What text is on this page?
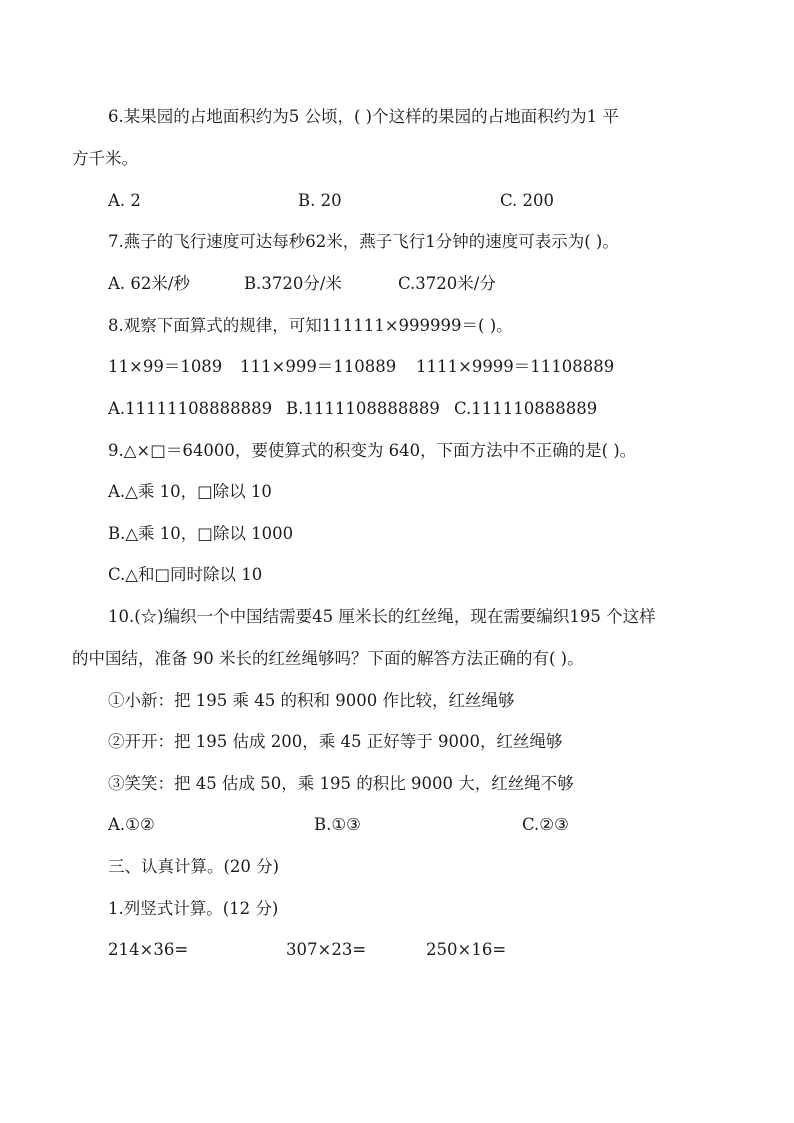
6.某果园的占地面积约为5 公顷，( )个这样的果园的占地面积约为1 平
方千米。
A. 2	B. 20	C. 200
7.燕子的飞行速度可达每秒62米，燕子飞行1分钟的速度可表示为( )。
A. 62米/秒	B.3720分/米	C.3720米/分
8.观察下面算式的规律，可知111111×999999＝( )。
11×99＝1089 111×999＝110889 1111×9999＝11108889
A.11111108888889 B.1111108888889 C.111110888889
9.△×□＝64000，要使算式的积变为 640，下面方法中不正确的是( )。
A.△乘 10，□除以 10
B.△乘 10，□除以 1000
C.△和□同时除以 10
10.(☆)编织一个中国结需要45 厘米长的红丝绳，现在需要编织195 个这样
的中国结，准备 90 米长的红丝绳够吗？下面的解答方法正确的有( )。
①小新：把 195 乘 45 的积和 9000 作比较，红丝绳够
②开开：把 195 估成 200，乘 45 正好等于 9000，红丝绳够
③笑笑：把 45 估成 50，乘 195 的积比 9000 大，红丝绳不够
A.①②	B.①③	C.②③
三、认真计算。(20 分)
1.列竖式计算。(12 分)
214×36=	307×23=	250×16=
